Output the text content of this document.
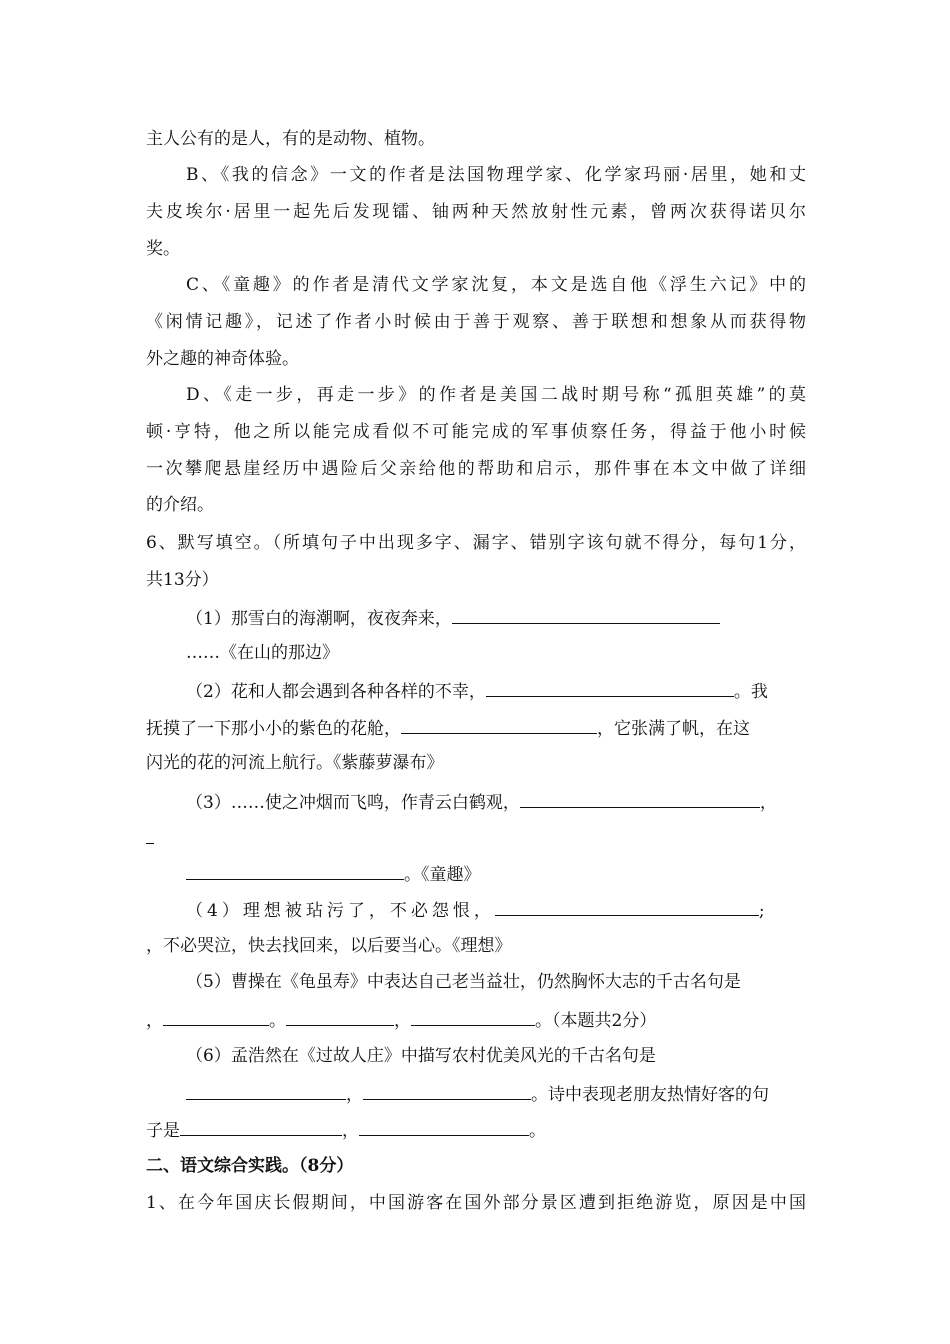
主人公有的是人，有的是动物、植物。
B、《我的信念》一文的作者是法国物理学家、化学家玛丽·居里，她和丈
夫皮埃尔·居里一起先后发现镭、铀两种天然放射性元素，曾两次获得诺贝尔
奖。
C、《童趣》的作者是清代文学家沈复，本文是选自他《浮生六记》中的
《闲情记趣》，记述了作者小时候由于善于观察、善于联想和想象从而获得物
外之趣的神奇体验。
D、《走一步，再走一步》的作者是美国二战时期号称“孤胆英雄”的莫
顿·亨特，他之所以能完成看似不可能完成的军事侦察任务，得益于他小时候
一次攀爬悬崖经历中遇险后父亲给他的帮助和启示，那件事在本文中做了详细
的介绍。
6、默写填空。（所填句子中出现多字、漏字、错别字该句就不得分，每句1分，
共13分）
（1）那雪白的海潮啊，夜夜奔来，
……《在山的那边》
（2）花和人都会遇到各种各样的不幸，	。我
抚摸了一下那小小的紫色的花舱，	，它张满了帆，在这
闪光的花的河流上航行。《紫藤萝瀑布》
（3）……使之冲烟而飞鸣，作青云白鹤观，	，
。《童趣》
（4）理想被玷污了，不必怨恨，	;
，不必哭泣，快去找回来，以后要当心。《理想》
（5）曹操在《龟虽寿》中表达自己老当益壮，仍然胸怀大志的千古名句是
，	。	，	。（本题共2分）
（6）孟浩然在《过故人庄》中描写农村优美风光的千古名句是
，	。诗中表现老朋友热情好客的句
子是	，	。
二、语文综合实践。（8分）
1、在今年国庆长假期间，中国游客在国外部分景区遭到拒绝游览，原因是中国
